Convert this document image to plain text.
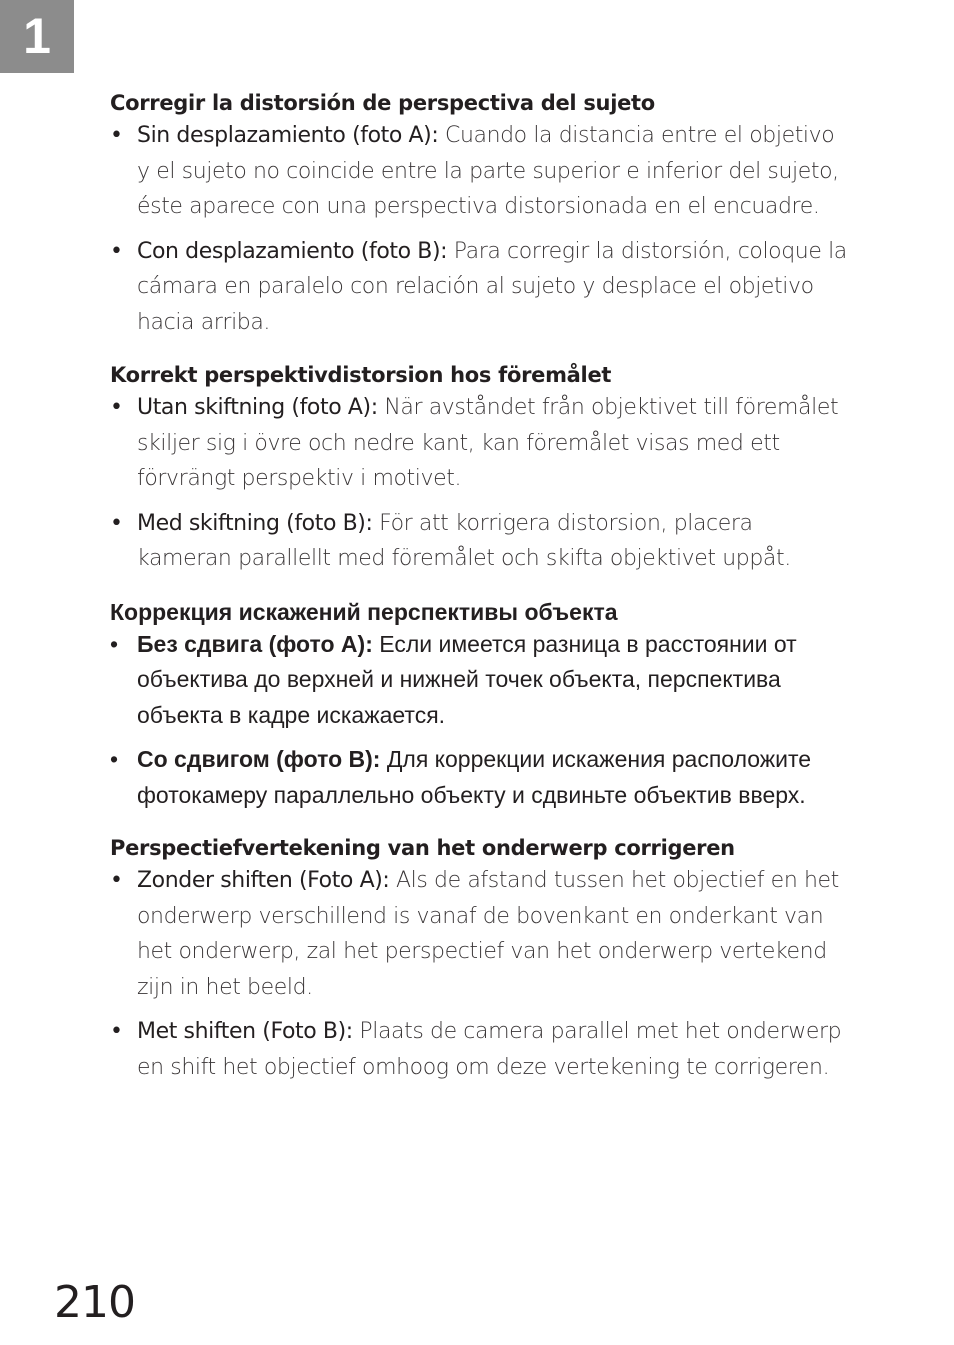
1
Corregir la distorsión de perspectiva del sujeto
• Sin desplazamiento (foto A): Cuando la distancia entre el objetivo y el sujeto no coincide entre la parte superior e inferior del sujeto, éste aparece con una perspectiva distorsionada en el encuadre.
• Con desplazamiento (foto B): Para corregir la distorsión, coloque la cámara en paralelo con relación al sujeto y desplace el objetivo hacia arriba.
Korrekt perspektivdistorsion hos föremålet
• Utan skiftning (foto A): När avståndet från objektivet till föremålet skiljer sig i övre och nedre kant, kan föremålet visas med ett förvrängt perspektiv i motivet.
• Med skiftning (foto B): För att korrigera distorsion, placera kameran parallellt med föremålet och skifta objektivet uppåt.
Коррекция искажений перспективы объекта
• Без сдвига (фото A): Если имеется разница в расстоянии от объектива до верхней и нижней точек объекта, перспектива объекта в кадре искажается.
• Со сдвигом (фото B): Для коррекции искажения расположите фотокамеру параллельно объекту и сдвиньте объектив вверх.
Perspectiefvertekening van het onderwerp corrigeren
• Zonder shiften (Foto A): Als de afstand tussen het objectief en het onderwerp verschillend is vanaf de bovenkant en onderkant van het onderwerp, zal het perspectief van het onderwerp vertekend zijn in het beeld.
• Met shiften (Foto B): Plaats de camera parallel met het onderwerp en shift het objectief omhoog om deze vertekening te corrigeren.
210
